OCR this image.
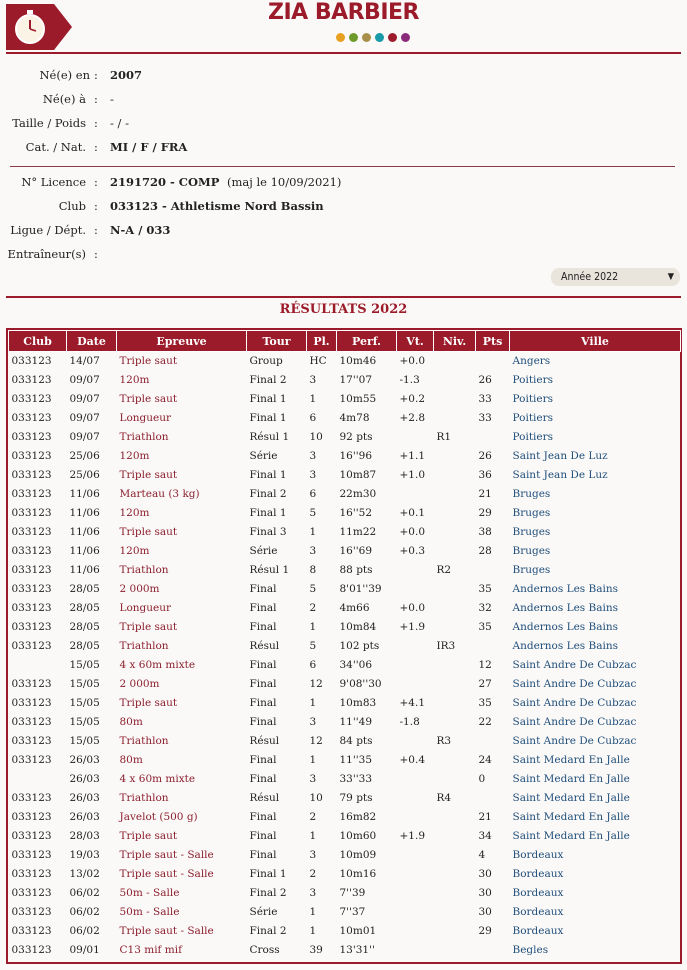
ZIA BARBIER
Né(e) en : 2007
Né(e) à : -
Taille / Poids : - / -
Cat. / Nat. : MI / F / FRA
N° Licence : 2191720 - COMP (maj le 10/09/2021)
Club : 033123 - Athletisme Nord Bassin
Ligue / Dépt. : N-A / 033
Entraîneur(s) :
Année 2022	▼
RÉSULTATS 2022
Club	Date	Epreuve	Tour	Pl.	Perf.	Vt.	Niv.	Pts	Ville
033123	14/07	Triple saut	Group	HC	10m46	+0.0			Angers
033123	09/07	120m	Final 2	3	17''07	-1.3		26	Poitiers
033123	09/07	Triple saut	Final 1	1	10m55	+0.2		33	Poitiers
033123	09/07	Longueur	Final 1	6	4m78	+2.8		33	Poitiers
033123	09/07	Triathlon	Résul 1	10	92 pts		R1		Poitiers
033123	25/06	120m	Série	3	16''96	+1.1		26	Saint Jean De Luz
033123	25/06	Triple saut	Final 1	3	10m87	+1.0		36	Saint Jean De Luz
033123	11/06	Marteau (3 kg)	Final 2	6	22m30			21	Bruges
033123	11/06	120m	Final 1	5	16''52	+0.1		29	Bruges
033123	11/06	Triple saut	Final 3	1	11m22	+0.0		38	Bruges
033123	11/06	120m	Série	3	16''69	+0.3		28	Bruges
033123	11/06	Triathlon	Résul 1	8	88 pts		R2		Bruges
033123	28/05	2 000m	Final	5	8'01''39			35	Andernos Les Bains
033123	28/05	Longueur	Final	2	4m66	+0.0		32	Andernos Les Bains
033123	28/05	Triple saut	Final	1	10m84	+1.9		35	Andernos Les Bains
033123	28/05	Triathlon	Résul	5	102 pts		IR3		Andernos Les Bains
	15/05	4 x 60m mixte	Final	6	34''06			12	Saint Andre De Cubzac
033123	15/05	2 000m	Final	12	9'08''30			27	Saint Andre De Cubzac
033123	15/05	Triple saut	Final	1	10m83	+4.1		35	Saint Andre De Cubzac
033123	15/05	80m	Final	3	11''49	-1.8		22	Saint Andre De Cubzac
033123	15/05	Triathlon	Résul	12	84 pts		R3		Saint Andre De Cubzac
033123	26/03	80m	Final	1	11''35	+0.4		24	Saint Medard En Jalle
	26/03	4 x 60m mixte	Final	3	33''33			0	Saint Medard En Jalle
033123	26/03	Triathlon	Résul	10	79 pts		R4		Saint Medard En Jalle
033123	26/03	Javelot (500 g)	Final	2	16m82			21	Saint Medard En Jalle
033123	28/03	Triple saut	Final	1	10m60	+1.9		34	Saint Medard En Jalle
033123	19/03	Triple saut - Salle	Final	3	10m09			4	Bordeaux
033123	13/02	Triple saut - Salle	Final 1	2	10m16			30	Bordeaux
033123	06/02	50m - Salle	Final 2	3	7''39			30	Bordeaux
033123	06/02	50m - Salle	Série	1	7''37			30	Bordeaux
033123	06/02	Triple saut - Salle	Final 2	1	10m01			29	Bordeaux
033123	09/01	C13 mif mif	Cross	39	13'31''				Begles
